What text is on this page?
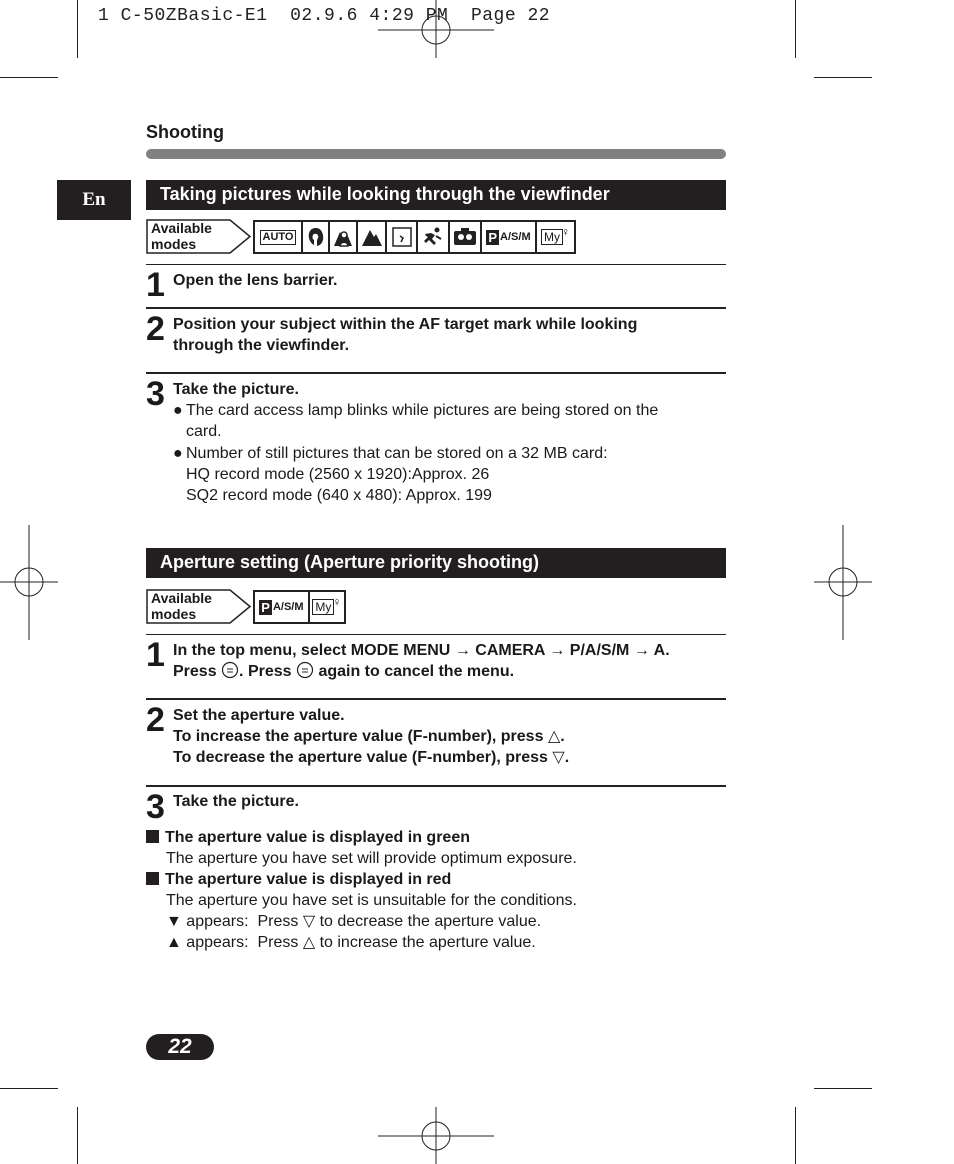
1 C-50ZBasic-E1  02.9.6 4:29 PM  Page 22
Shooting
En	Taking pictures while looking through the viewfinder
Available
modes	AUTO	P A/S/M My ♀
1 Open the lens barrier.
2 Position your subject within the AF target mark while looking
through the viewfinder.
3 Take the picture.
● The card access lamp blinks while pictures are being stored on the
card.
● Number of still pictures that can be stored on a 32 MB card:
HQ record mode (2560 x 1920):Approx. 26
SQ2 record mode (640 x 480): Approx. 199
Aperture setting (Aperture priority shooting)
Available
modes	P A/S/M My ♀
1 In the top menu, select MODE MENU → CAMERA → P/A/S/M → A.
Press . Press again to cancel the menu.
2 Set the aperture value.
To increase the aperture value (F-number), press △.
To decrease the aperture value (F-number), press ▽.
3 Take the picture.
The aperture value is displayed in green
The aperture you have set will provide optimum exposure.
The aperture value is displayed in red
The aperture you have set is unsuitable for the conditions.
▼ appears: Press ▽ to decrease the aperture value.
▲ appears: Press △ to increase the aperture value.
22
